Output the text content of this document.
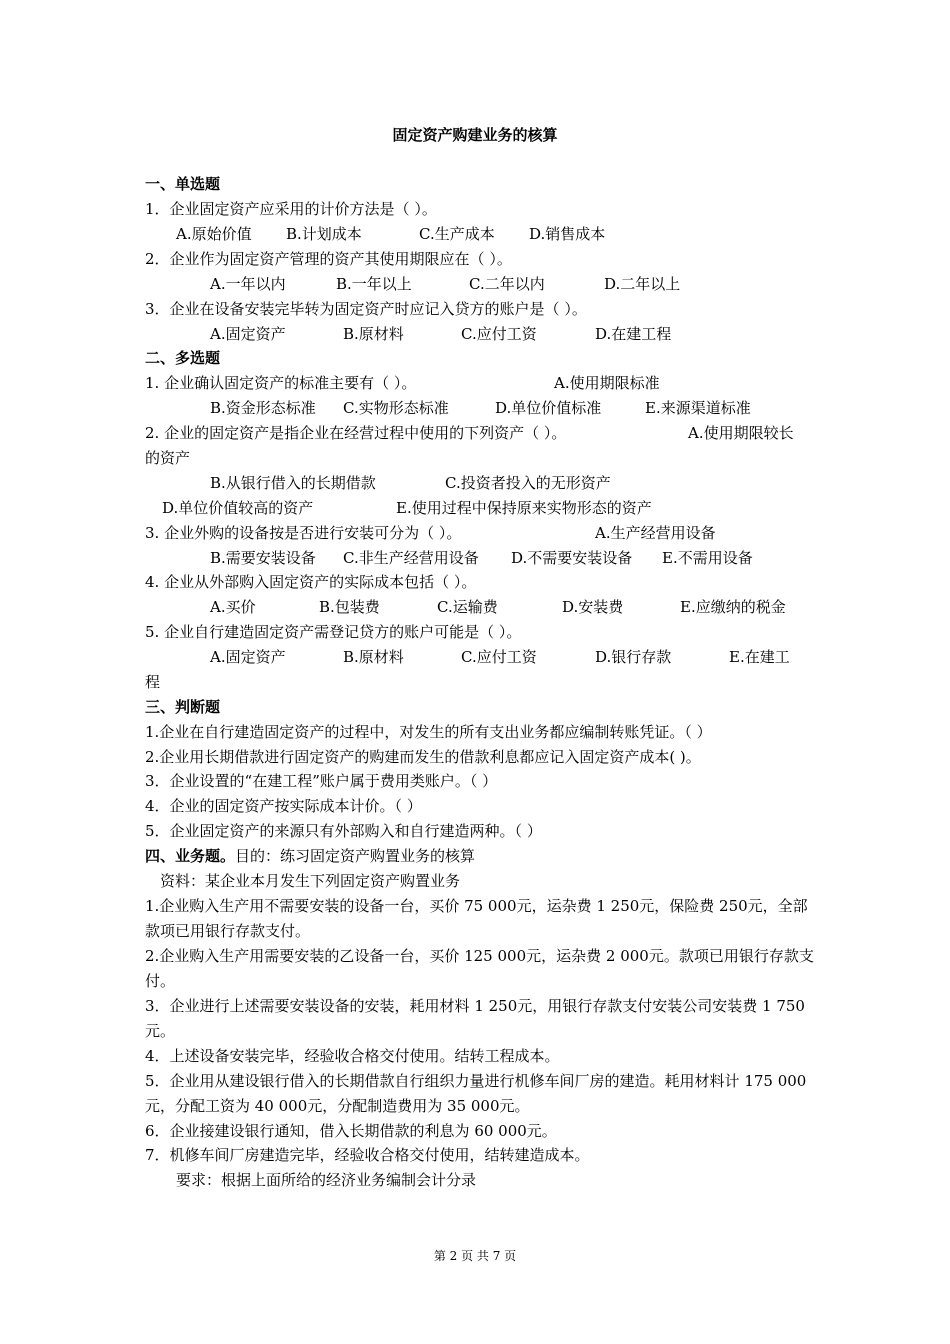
固定资产购建业务的核算
一、单选题
1．企业固定资产应采用的计价方法是（ ）。
A.原始价值 B.计划成本	C.生产成本 D.销售成本
2．企业作为固定资产管理的资产其使用期限应在（ ）。
A.一年以内	B.一年以上	C.二年以内	D.二年以上
3．企业在设备安装完毕转为固定资产时应记入贷方的账户是（ ）。
A.固定资产	B.原材料	C.应付工资	D.在建工程
二、多选题
1. 企业确认固定资产的标准主要有（ ）。	A.使用期限标准
B.资金形态标准 C.实物形态标准	D.单位价值标准	E.来源渠道标准
2. 企业的固定资产是指企业在经营过程中使用的下列资产（ ）。	A.使用期限较长
的资产
B.从银行借入的长期借款	C.投资者投入的无形资产
D.单位价值较高的资产	E.使用过程中保持原来实物形态的资产
3. 企业外购的设备按是否进行安装可分为（ ）。	A.生产经营用设备
B.需要安装设备 C.非生产经营用设备 D.不需要安装设备 E.不需用设备
4. 企业从外部购入固定资产的实际成本包括（ ）。
A.买价	B.包装费	C.运输费	D.安装费	E.应缴纳的税金
5. 企业自行建造固定资产需登记贷方的账户可能是（ ）。
A.固定资产	B.原材料	C.应付工资	D.银行存款	E.在建工
程
三、判断题
1.企业在自行建造固定资产的过程中，对发生的所有支出业务都应编制转账凭证。（ ）
2.企业用长期借款进行固定资产的购建而发生的借款利息都应记入固定资产成本( )。
3．企业设置的“在建工程”账户属于费用类账户。（ ）
4．企业的固定资产按实际成本计价。（ ）
5．企业固定资产的来源只有外部购入和自行建造两种。（ ）
四、业务题。目的：练习固定资产购置业务的核算
资料：某企业本月发生下列固定资产购置业务
1.企业购入生产用不需要安装的设备一台，买价 75 000元，运杂费 1 250元，保险费 250元，全部款项已用银行存款支付。
2.企业购入生产用需要安装的乙设备一台，买价 125 000元，运杂费 2 000元。款项已用银行存款支付。
3．企业进行上述需要安装设备的安装，耗用材料 1 250元，用银行存款支付安装公司安装费 1 750元。
4．上述设备安装完毕，经验收合格交付使用。结转工程成本。
5．企业用从建设银行借入的长期借款自行组织力量进行机修车间厂房的建造。耗用材料计 175 000元，分配工资为 40 000元，分配制造费用为 35 000元。
6．企业接建设银行通知，借入长期借款的利息为 60 000元。
7．机修车间厂房建造完毕，经验收合格交付使用，结转建造成本。
要求：根据上面所给的经济业务编制会计分录
第 2 页 共 7 页
